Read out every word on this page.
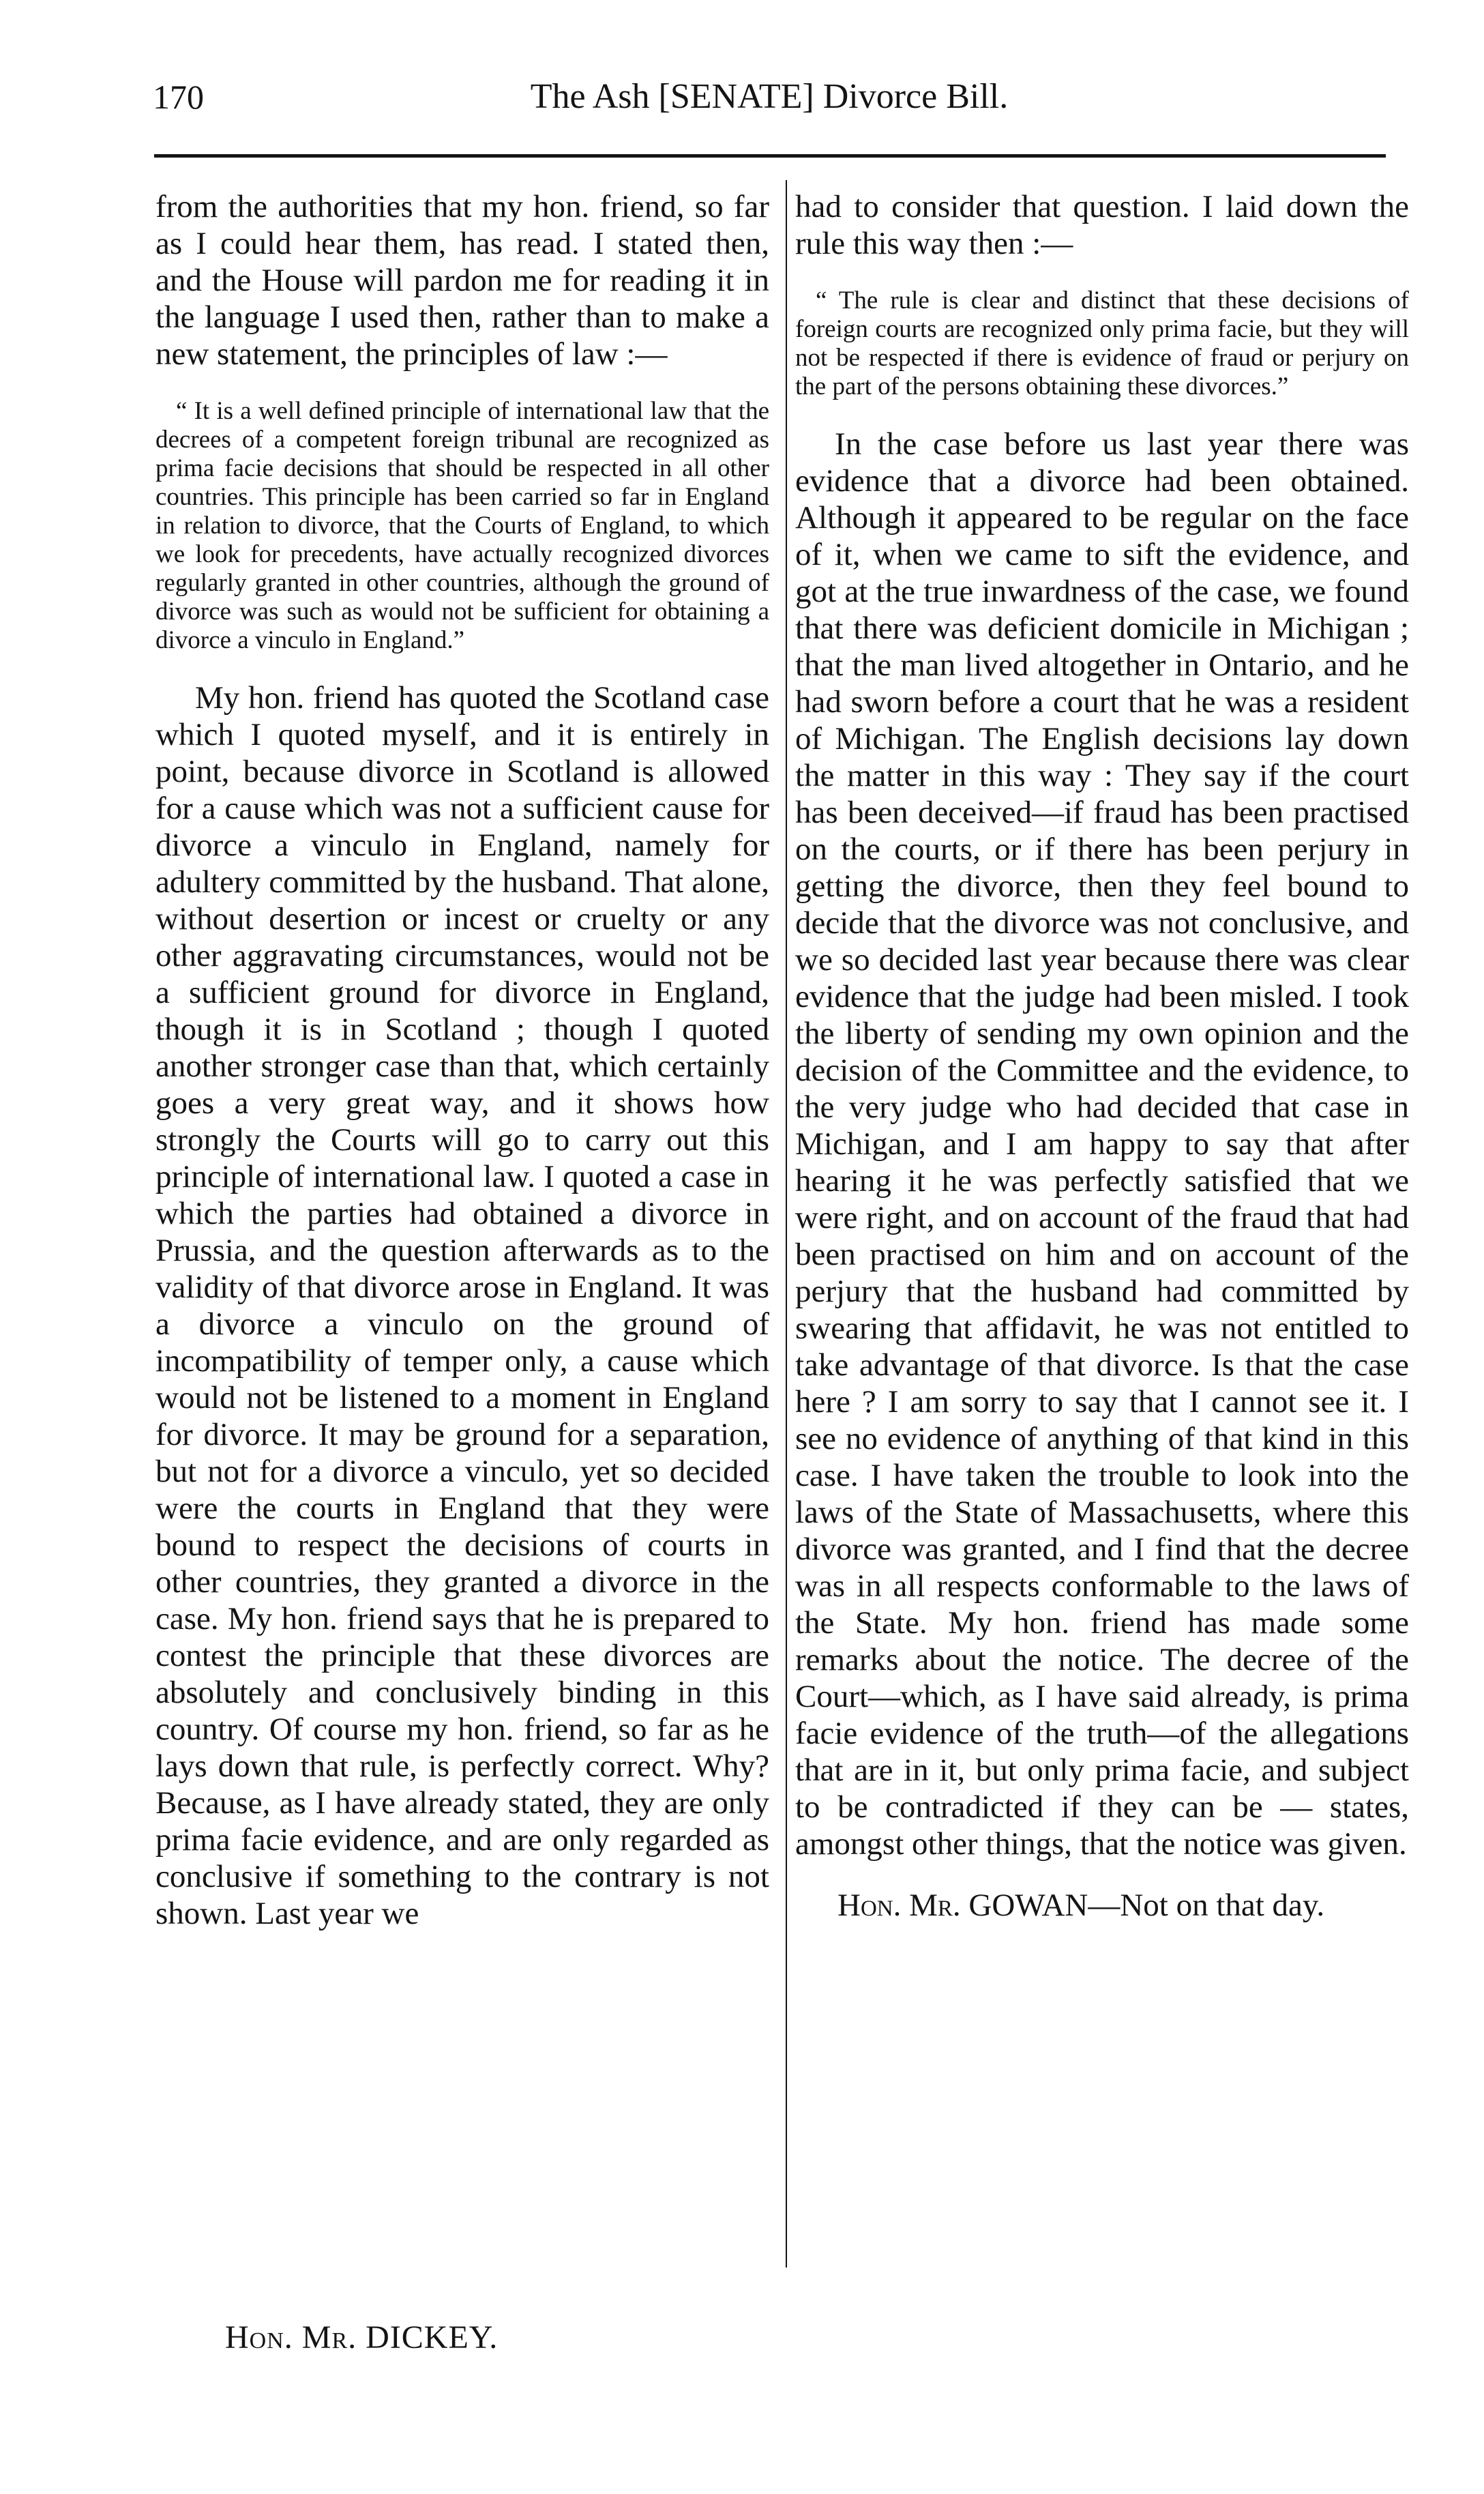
170	The Ash [SENATE] Divorce Bill.

from the authorities that my hon. friend, so far as I could hear them, has read. I stated then, and the House will pardon me for reading it in the language I used then, rather than to make a new statement, the principles of law :—

“ It is a well defined principle of international law that the decrees of a competent foreign tribunal are recognized as prima facie decisions that should be respected in all other countries. This principle has been carried so far in England in relation to divorce, that the Courts of England, to which we look for precedents, have actually recognized divorces regularly granted in other countries, although the ground of divorce was such as would not be sufficient for obtaining a divorce a vinculo in England.”

My hon. friend has quoted the Scotland case which I quoted myself, and it is entirely in point, because divorce in Scotland is allowed for a cause which was not a sufficient cause for divorce a vinculo in England, namely for adultery committed by the husband. That alone, without desertion or incest or cruelty or any other aggravating circumstances, would not be a sufficient ground for divorce in England, though it is in Scotland ; though I quoted another stronger case than that, which certainly goes a very great way, and it shows how strongly the Courts will go to carry out this principle of international law. I quoted a case in which the parties had obtained a divorce in Prussia, and the question afterwards as to the validity of that divorce arose in England. It was a divorce a vinculo on the ground of incompatibility of temper only, a cause which would not be listened to a moment in England for divorce. It may be ground for a separation, but not for a divorce a vinculo, yet so decided were the courts in England that they were bound to respect the decisions of courts in other countries, they granted a divorce in the case. My hon. friend says that he is prepared to contest the principle that these divorces are absolutely and conclusively binding in this country. Of course my hon. friend, so far as he lays down that rule, is perfectly correct. Why? Because, as I have already stated, they are only prima facie evidence, and are only regarded as conclusive if something to the contrary is not shown. Last year we

had to consider that question. I laid down the rule this way then :—

“ The rule is clear and distinct that these decisions of foreign courts are recognized only prima facie, but they will not be respected if there is evidence of fraud or perjury on the part of the persons obtaining these divorces.”

In the case before us last year there was evidence that a divorce had been obtained. Although it appeared to be regular on the face of it, when we came to sift the evidence, and got at the true inwardness of the case, we found that there was deficient domicile in Michigan ; that the man lived altogether in Ontario, and he had sworn before a court that he was a resident of Michigan. The English decisions lay down the matter in this way : They say if the court has been deceived—if fraud has been practised on the courts, or if there has been perjury in getting the divorce, then they feel bound to decide that the divorce was not conclusive, and we so decided last year because there was clear evidence that the judge had been misled. I took the liberty of sending my own opinion and the decision of the Committee and the evidence, to the very judge who had decided that case in Michigan, and I am happy to say that after hearing it he was perfectly satisfied that we were right, and on account of the fraud that had been practised on him and on account of the perjury that the husband had committed by swearing that affidavit, he was not entitled to take advantage of that divorce. Is that the case here ? I am sorry to say that I cannot see it. I see no evidence of anything of that kind in this case. I have taken the trouble to look into the laws of the State of Massachusetts, where this divorce was granted, and I find that the decree was in all respects conformable to the laws of the State. My hon. friend has made some remarks about the notice. The decree of the Court—which, as I have said already, is prima facie evidence of the truth—of the allegations that are in it, but only prima facie, and subject to be contradicted if they can be — states, amongst other things, that the notice was given.

Hon. Mr. GOWAN—Not on that day.

Hon. Mr. DICKEY.
